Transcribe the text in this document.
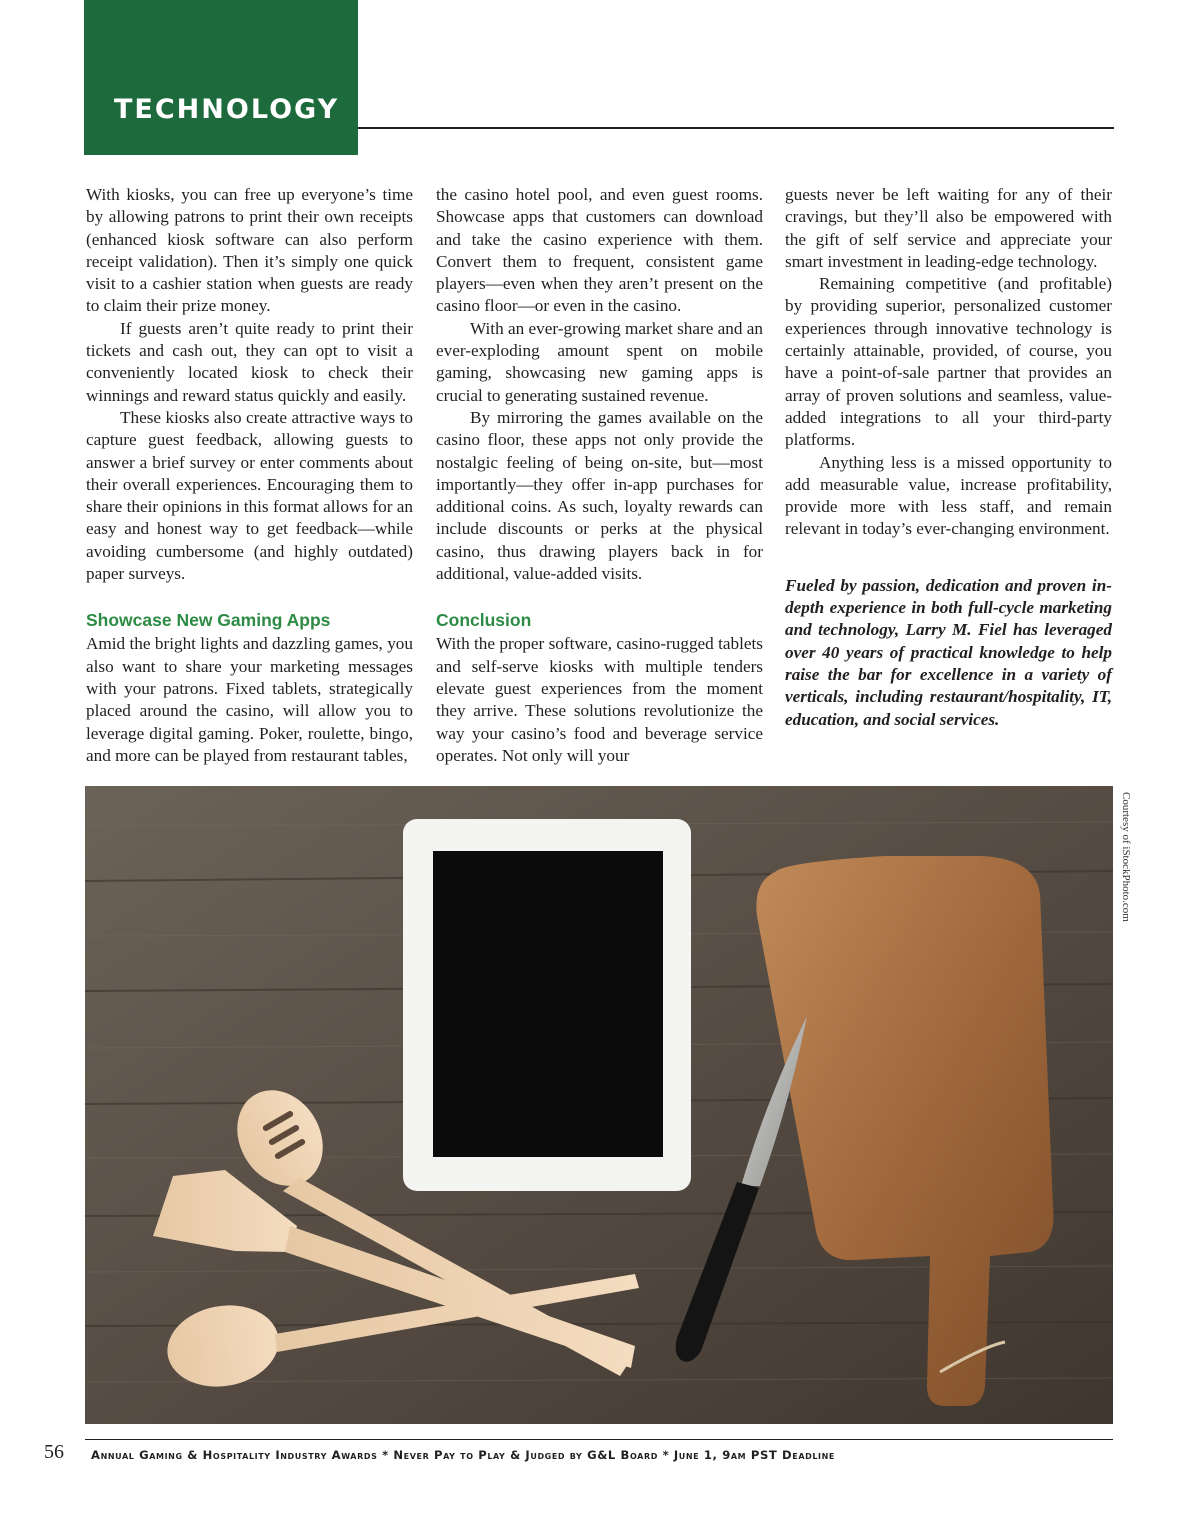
TECHNOLOGY

With kiosks, you can free up everyone’s time by allowing patrons to print their own receipts (enhanced kiosk software can also perform receipt validation). Then it’s simply one quick visit to a cashier station when guests are ready to claim their prize money.

If guests aren’t quite ready to print their tickets and cash out, they can opt to visit a conveniently located kiosk to check their winnings and reward status quickly and easily.

These kiosks also create attractive ways to capture guest feedback, allowing guests to answer a brief survey or enter comments about their overall experiences. Encouraging them to share their opinions in this format allows for an easy and honest way to get feedback—while avoiding cumbersome (and highly outdated) paper surveys.

Showcase New Gaming Apps

Amid the bright lights and dazzling games, you also want to share your marketing messages with your patrons. Fixed tablets, strategically placed around the casino, will allow you to leverage digital gaming. Poker, roulette, bingo, and more can be played from restaurant tables,

the casino hotel pool, and even guest rooms. Showcase apps that customers can download and take the casino experience with them. Convert them to frequent, consistent game players—even when they aren’t present on the casino floor—or even in the casino.

With an ever-growing market share and an ever-exploding amount spent on mobile gaming, showcasing new gaming apps is crucial to generating sustained revenue.

By mirroring the games available on the casino floor, these apps not only provide the nostalgic feeling of being on-site, but—most importantly—they offer in-app purchases for additional coins. As such, loyalty rewards can include discounts or perks at the physical casino, thus drawing players back in for additional, value-added visits.

Conclusion

With the proper software, casino-rugged tablets and self-serve kiosks with multiple tenders elevate guest experiences from the moment they arrive. These solutions revolutionize the way your casino’s food and beverage service operates. Not only will your

guests never be left waiting for any of their cravings, but they’ll also be empowered with the gift of self service and appreciate your smart investment in leading-edge technology.

Remaining competitive (and profitable) by providing superior, personalized customer experiences through innovative technology is certainly attainable, provided, of course, you have a point-of-sale partner that provides an array of proven solutions and seamless, value-added integrations to all your third-party platforms.

Anything less is a missed opportunity to add measurable value, increase profitability, provide more with less staff, and remain relevant in today’s ever-changing environment.

Fueled by passion, dedication and proven in-depth experience in both full-cycle marketing and technology, Larry M. Fiel has leveraged over 40 years of practical knowledge to help raise the bar for excellence in a variety of verticals, including restaurant/hospitality, IT, education, and social services.

Courtesy of iStockPhoto.com
56 Annual Gaming & Hospitality Industry Awards * Never Pay to Play & Judged by G&L Board * June 1, 9am PST Deadline
